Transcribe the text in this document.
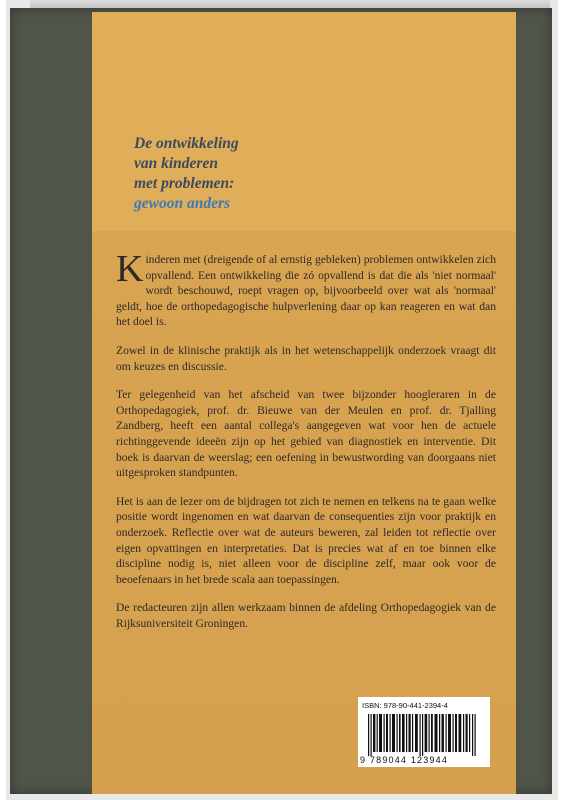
De ontwikkeling
van kinderen
met problemen:
gewoon anders

Kinderen met (dreigende of al ernstig gebleken) problemen ontwikkelen zich opvallend. Een ontwikkeling die zó opvallend is dat die als 'niet normaal' wordt beschouwd, roept vragen op, bijvoorbeeld over wat als 'normaal' geldt, hoe de orthopedagogische hulpverlening daar op kan reageren en wat dan het doel is.

Zowel in de klinische praktijk als in het wetenschappelijk onderzoek vraagt dit om keuzes en discussie.

Ter gelegenheid van het afscheid van twee bijzonder hoogleraren in de Orthopedagogiek, prof. dr. Bieuwe van der Meulen en prof. dr. Tjalling Zandberg, heeft een aantal collega's aangegeven wat voor hen de actuele richtinggevende ideeën zijn op het gebied van diagnostiek en interventie. Dit boek is daarvan de weerslag; een oefening in bewustwording van doorgaans niet uitgesproken standpunten.

Het is aan de lezer om de bijdragen tot zich te nemen en telkens na te gaan welke positie wordt ingenomen en wat daarvan de consequenties zijn voor praktijk en onderzoek. Reflectie over wat de auteurs beweren, zal leiden tot reflectie over eigen opvattingen en interpretaties. Dat is precies wat af en toe binnen elke discipline nodig is, niet alleen voor de discipline zelf, maar ook voor de beoefenaars in het brede scala aan toepassingen.

De redacteuren zijn allen werkzaam binnen de afdeling Orthopedagogiek van de Rijksuniversiteit Groningen.

ISBN: 978-90-441-2394-4
9 789044 123944
